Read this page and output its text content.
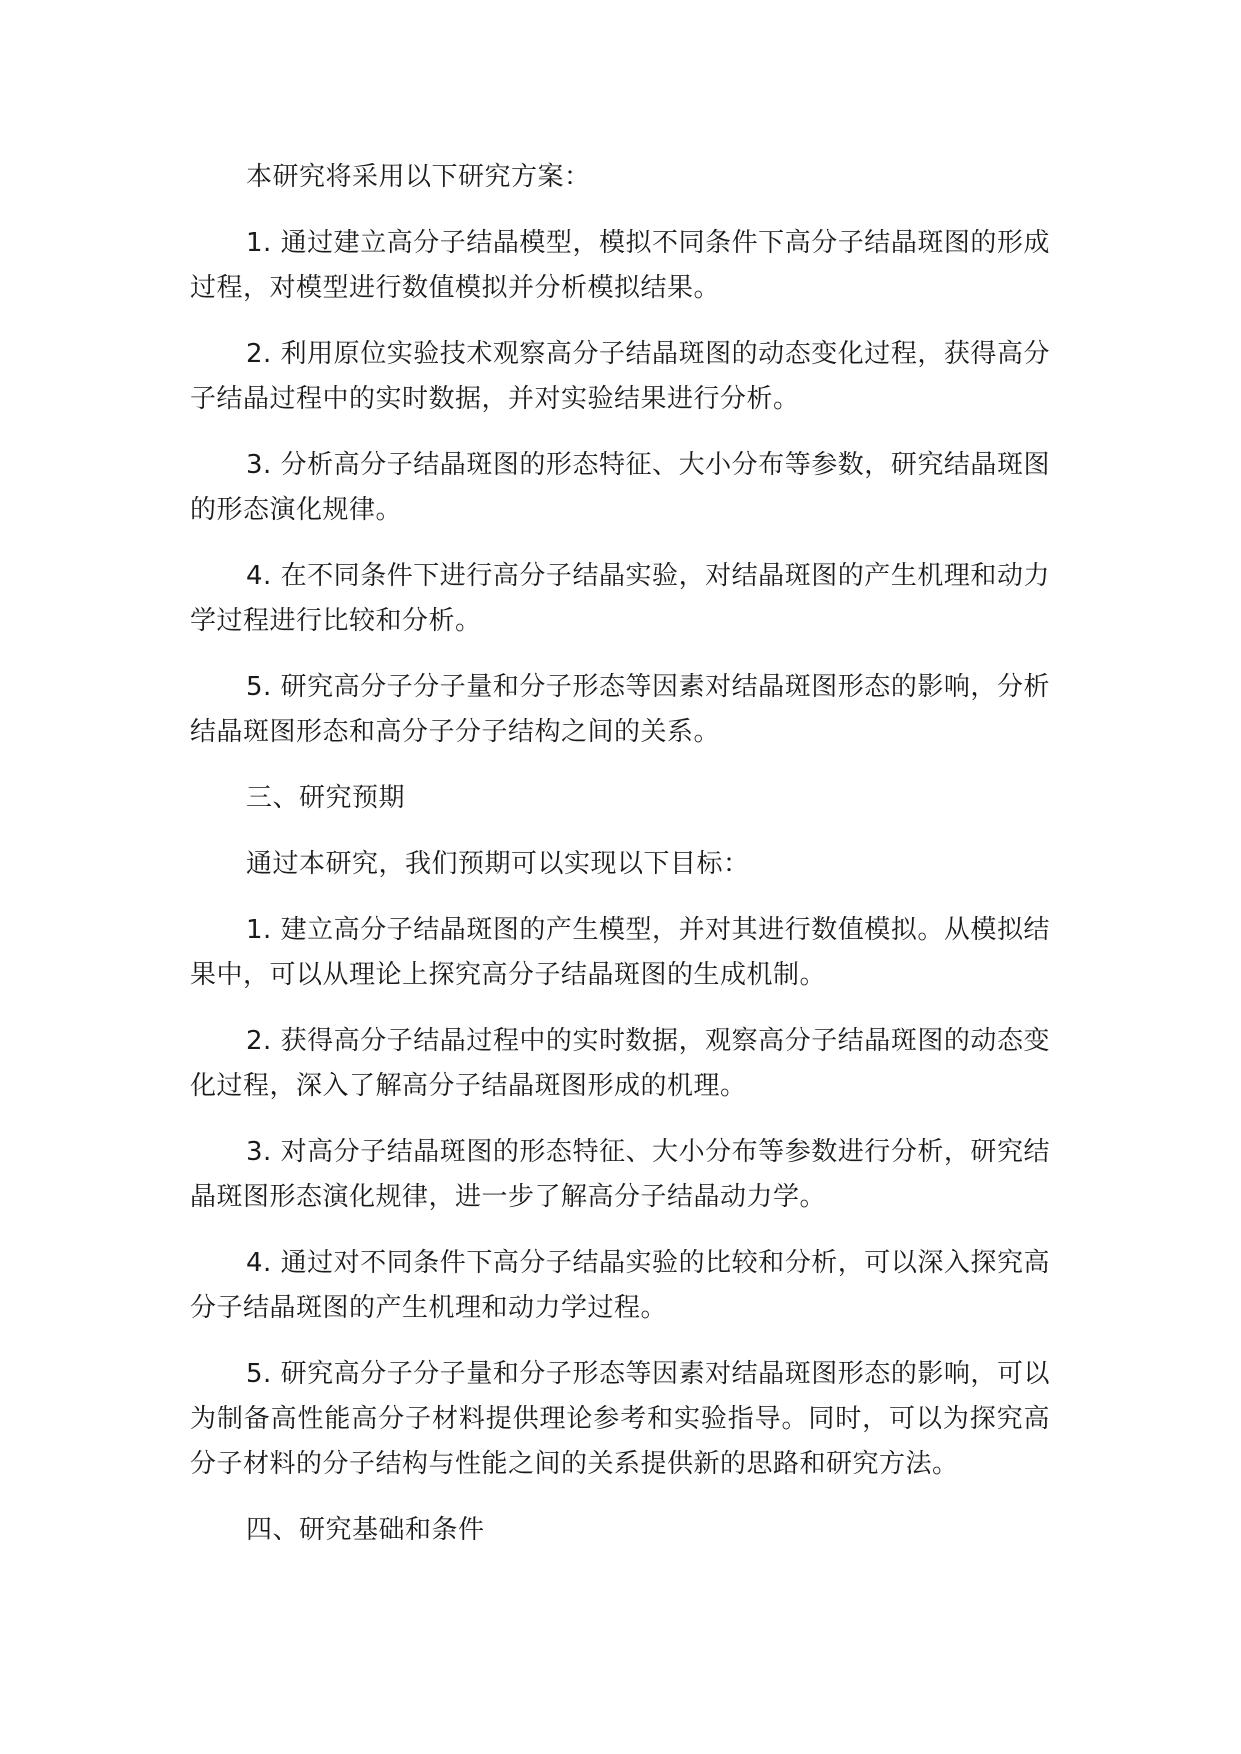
本研究将采用以下研究方案：

1. 通过建立高分子结晶模型，模拟不同条件下高分子结晶斑图的形成过程，对模型进行数值模拟并分析模拟结果。

2. 利用原位实验技术观察高分子结晶斑图的动态变化过程，获得高分子结晶过程中的实时数据，并对实验结果进行分析。

3. 分析高分子结晶斑图的形态特征、大小分布等参数，研究结晶斑图的形态演化规律。

4. 在不同条件下进行高分子结晶实验，对结晶斑图的产生机理和动力学过程进行比较和分析。

5. 研究高分子分子量和分子形态等因素对结晶斑图形态的影响，分析结晶斑图形态和高分子分子结构之间的关系。

三、研究预期

通过本研究，我们预期可以实现以下目标：

1. 建立高分子结晶斑图的产生模型，并对其进行数值模拟。从模拟结果中，可以从理论上探究高分子结晶斑图的生成机制。

2. 获得高分子结晶过程中的实时数据，观察高分子结晶斑图的动态变化过程，深入了解高分子结晶斑图形成的机理。

3. 对高分子结晶斑图的形态特征、大小分布等参数进行分析，研究结晶斑图形态演化规律，进一步了解高分子结晶动力学。

4. 通过对不同条件下高分子结晶实验的比较和分析，可以深入探究高分子结晶斑图的产生机理和动力学过程。

5. 研究高分子分子量和分子形态等因素对结晶斑图形态的影响，可以为制备高性能高分子材料提供理论参考和实验指导。同时，可以为探究高分子材料的分子结构与性能之间的关系提供新的思路和研究方法。

四、研究基础和条件
